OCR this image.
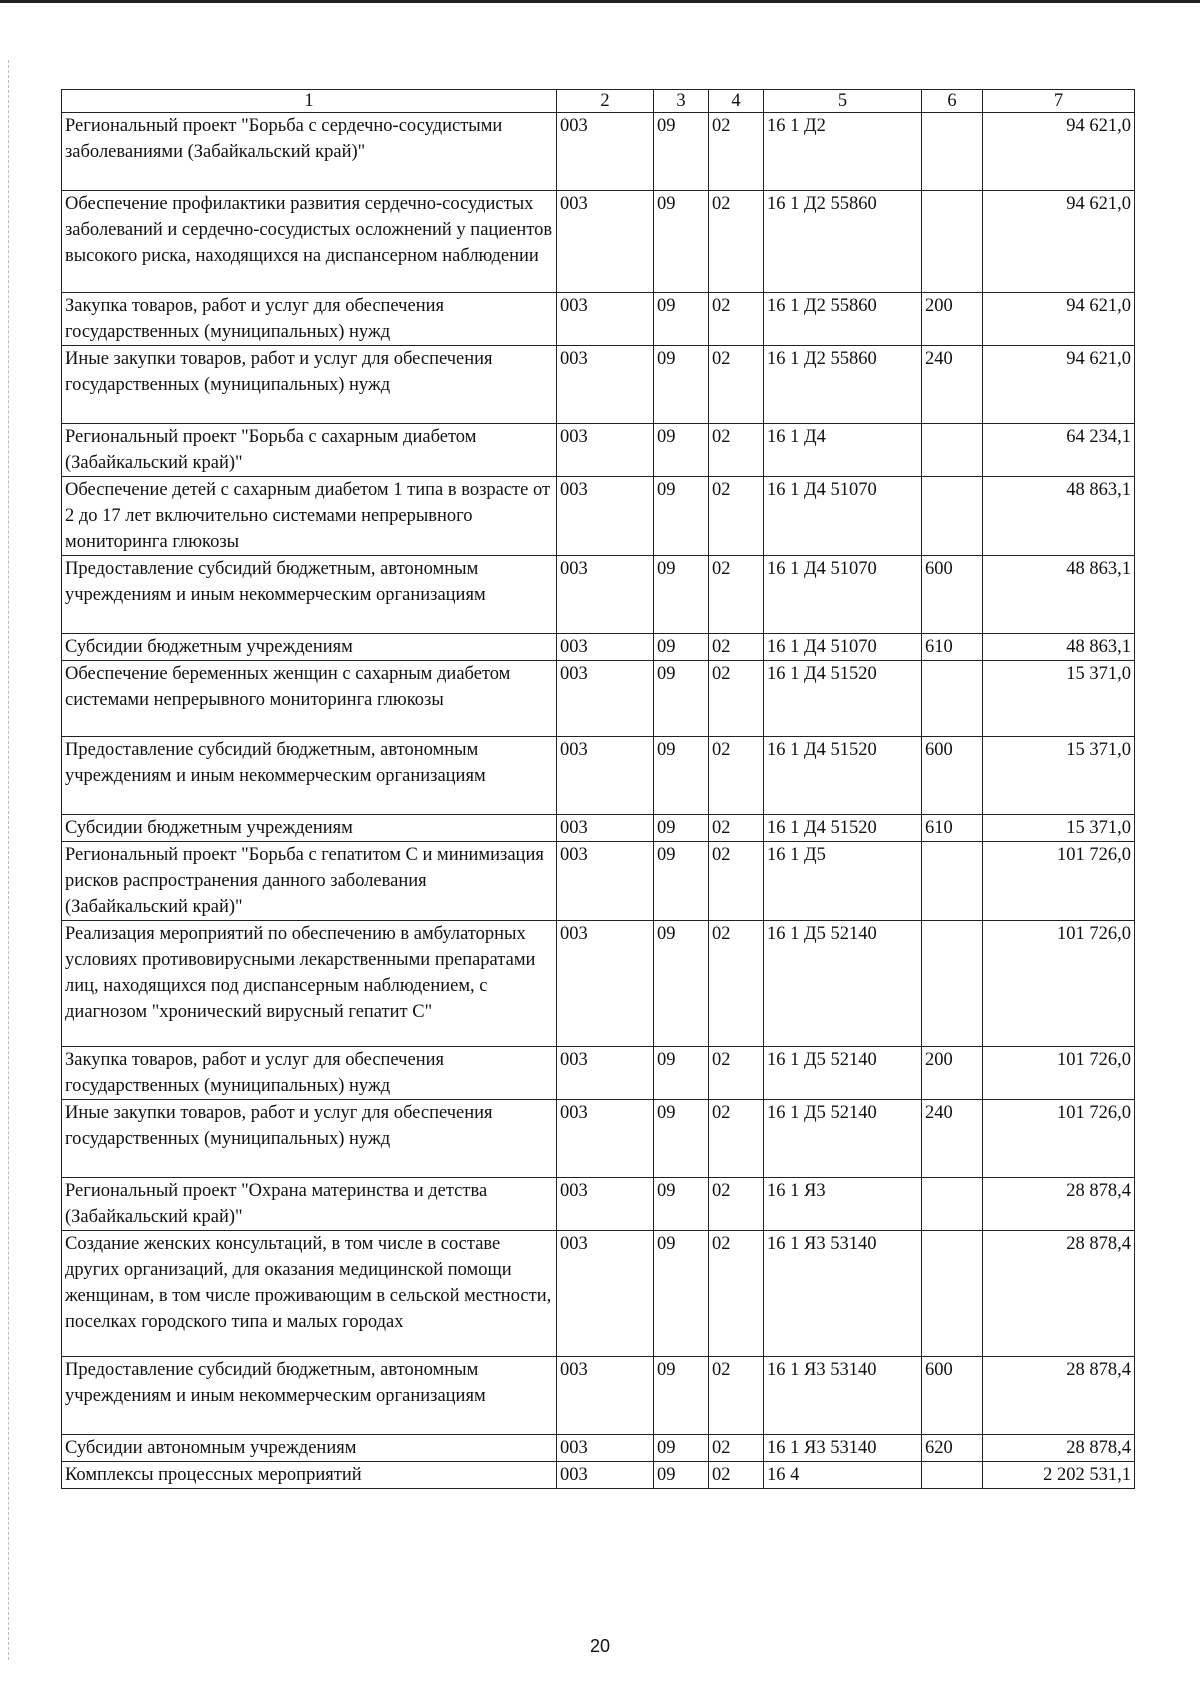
1	2	3	4	5	6	7
Региональный проект "Борьба с сердечно-сосудистыми заболеваниями (Забайкальский край)"	003	09	02	16 1 Д2		94 621,0
Обеспечение профилактики развития сердечно-сосудистых заболеваний и сердечно-сосудистых осложнений у пациентов высокого риска, находящихся на диспансерном наблюдении	003	09	02	16 1 Д2 55860		94 621,0
Закупка товаров, работ и услуг для обеспечения государственных (муниципальных) нужд	003	09	02	16 1 Д2 55860	200	94 621,0
Иные закупки товаров, работ и услуг для обеспечения государственных (муниципальных) нужд	003	09	02	16 1 Д2 55860	240	94 621,0
Региональный проект "Борьба с сахарным диабетом (Забайкальский край)"	003	09	02	16 1 Д4		64 234,1
Обеспечение детей с сахарным диабетом 1 типа в возрасте от 2 до 17 лет включительно системами непрерывного мониторинга глюкозы	003	09	02	16 1 Д4 51070		48 863,1
Предоставление субсидий бюджетным, автономным учреждениям и иным некоммерческим организациям	003	09	02	16 1 Д4 51070	600	48 863,1
Субсидии бюджетным учреждениям	003	09	02	16 1 Д4 51070	610	48 863,1
Обеспечение беременных женщин с сахарным диабетом системами непрерывного мониторинга глюкозы	003	09	02	16 1 Д4 51520		15 371,0
Предоставление субсидий бюджетным, автономным учреждениям и иным некоммерческим организациям	003	09	02	16 1 Д4 51520	600	15 371,0
Субсидии бюджетным учреждениям	003	09	02	16 1 Д4 51520	610	15 371,0
Региональный проект "Борьба с гепатитом С и минимизация рисков распространения данного заболевания (Забайкальский край)"	003	09	02	16 1 Д5		101 726,0
Реализация мероприятий по обеспечению в амбулаторных условиях противовирусными лекарственными препаратами лиц, находящихся под диспансерным наблюдением, с диагнозом "хронический вирусный гепатит С"	003	09	02	16 1 Д5 52140		101 726,0
Закупка товаров, работ и услуг для обеспечения государственных (муниципальных) нужд	003	09	02	16 1 Д5 52140	200	101 726,0
Иные закупки товаров, работ и услуг для обеспечения государственных (муниципальных) нужд	003	09	02	16 1 Д5 52140	240	101 726,0
Региональный проект "Охрана материнства и детства (Забайкальский край)"	003	09	02	16 1 Я3		28 878,4
Создание женских консультаций, в том числе в составе других организаций, для оказания медицинской помощи женщинам, в том числе проживающим в сельской местности, поселках городского типа и малых городах	003	09	02	16 1 Я3 53140		28 878,4
Предоставление субсидий бюджетным, автономным учреждениям и иным некоммерческим организациям	003	09	02	16 1 Я3 53140	600	28 878,4
Субсидии автономным учреждениям	003	09	02	16 1 Я3 53140	620	28 878,4
Комплексы процессных мероприятий	003	09	02	16 4		2 202 531,1
20
